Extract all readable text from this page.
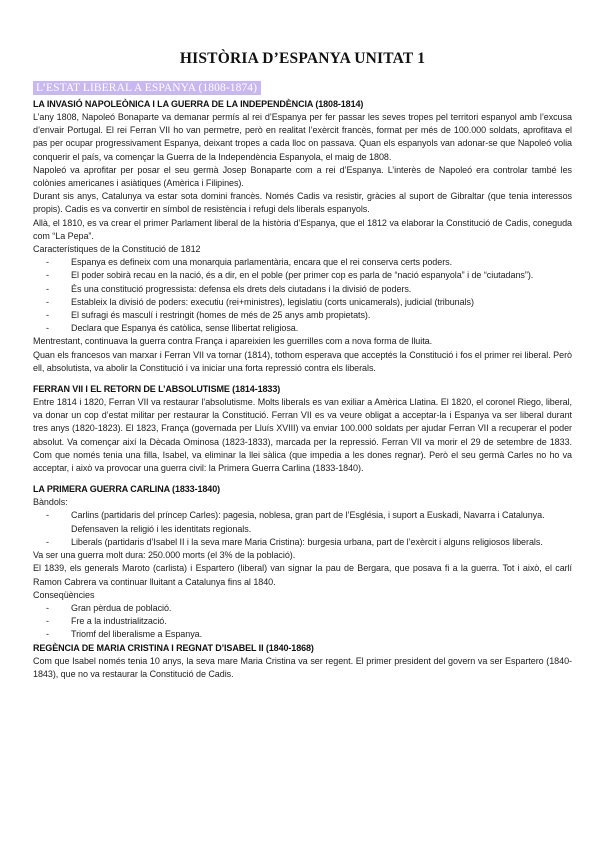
HISTÒRIA D’ESPANYA UNITAT 1
L’ESTAT LIBERAL A ESPANYA (1808-1874)
LA INVASIÓ NAPOLEÒNICA I LA GUERRA DE LA INDEPENDÈNCIA (1808-1814)

L’any 1808, Napoleó Bonaparte va demanar permís al rei d’Espanya per fer passar les seves tropes pel territori espanyol amb l’excusa d’envair Portugal. El rei Ferran VII ho van permetre, però en realitat l’exèrcit francès, format per més de 100.000 soldats, aprofitava el pas per ocupar progressivament Espanya, deixant tropes a cada lloc on passava. Quan els espanyols van adonar-se que Napoleó volia conquerir el país, va començar la Guerra de la Independència Espanyola, el maig de 1808.

Napoleó va aprofitar per posar el seu germà Josep Bonaparte com a rei d’Espanya. L’interès de Napoleó era controlar també les colònies americanes i asiàtiques (Amèrica i Filipines).

Durant sis anys, Catalunya va estar sota domini francès. Només Cadis va resistir, gràcies al suport de Gibraltar (que tenia interessos propis). Cadis es va convertir en símbol de resistència i refugi dels liberals espanyols.

Allà, el 1810, es va crear el primer Parlament liberal de la història d’Espanya, que el 1812 va elaborar la Constitució de Cadis, coneguda com “La Pepa”.

Característiques de la Constitució de 1812

- Espanya es defineix com una monarquia parlamentària, encara que el rei conserva certs poders.
- El poder sobirà recau en la nació, és a dir, en el poble (per primer cop es parla de “nació espanyola” i de “ciutadans”).
- És una constitució progressista: defensa els drets dels ciutadans i la divisió de poders.
- Estableix la divisió de poders: executiu (rei+ministres), legislatiu (corts unicamerals), judicial (tribunals)
- El sufragi és masculí i restringit (homes de més de 25 anys amb propietats).
- Declara que Espanya és catòlica, sense llibertat religiosa.

Mentrestant, continuava la guerra contra França i apareixien les guerrilles com a nova forma de lluita.

Quan els francesos van marxar i Ferran VII va tornar (1814), tothom esperava que acceptés la Constitució i fos el primer rei liberal. Però ell, absolutista, va abolir la Constitució i va iniciar una forta repressió contra els liberals.

FERRAN VII I EL RETORN DE L’ABSOLUTISME (1814-1833)

Entre 1814 i 1820, Ferran VII va restaurar l’absolutisme. Molts liberals es van exiliar a Amèrica Llatina. El 1820, el coronel Riego, liberal, va donar un cop d’estat militar per restaurar la Constitució. Ferran VII es va veure obligat a acceptar-la i Espanya va ser liberal durant tres anys (1820-1823). El 1823, França (governada per Lluís XVIII) va enviar 100.000 soldats per ajudar Ferran VII a recuperar el poder absolut. Va començar així la Dècada Ominosa (1823-1833), marcada per la repressió. Ferran VII va morir el 29 de setembre de 1833. Com que només tenia una filla, Isabel, va eliminar la llei sàlica (que impedia a les dones regnar). Però el seu germà Carles no ho va acceptar, i això va provocar una guerra civil: la Primera Guerra Carlina (1833-1840).

LA PRIMERA GUERRA CARLINA (1833-1840)

Bàndols:

- Carlins (partidaris del príncep Carles): pagesia, noblesa, gran part de l’Església, i suport a Euskadi, Navarra i Catalunya. Defensaven la religió i les identitats regionals.
- Liberals (partidaris d’Isabel II i la seva mare Maria Cristina): burgesia urbana, part de l’exèrcit i alguns religiosos liberals.

Va ser una guerra molt dura: 250.000 morts (el 3% de la població).

El 1839, els generals Maroto (carlista) i Espartero (liberal) van signar la pau de Bergara, que posava fi a la guerra. Tot i això, el carlí Ramon Cabrera va continuar lluitant a Catalunya fins al 1840.

Conseqüències

- Gran pèrdua de població.
- Fre a la industrialització.
- Triomf del liberalisme a Espanya.
REGÈNCIA DE MARIA CRISTINA I REGNAT D’ISABEL II (1840-1868)

Com que Isabel només tenia 10 anys, la seva mare Maria Cristina va ser regent. El primer president del govern va ser Espartero (1840-1843), que no va restaurar la Constitució de Cadis.
